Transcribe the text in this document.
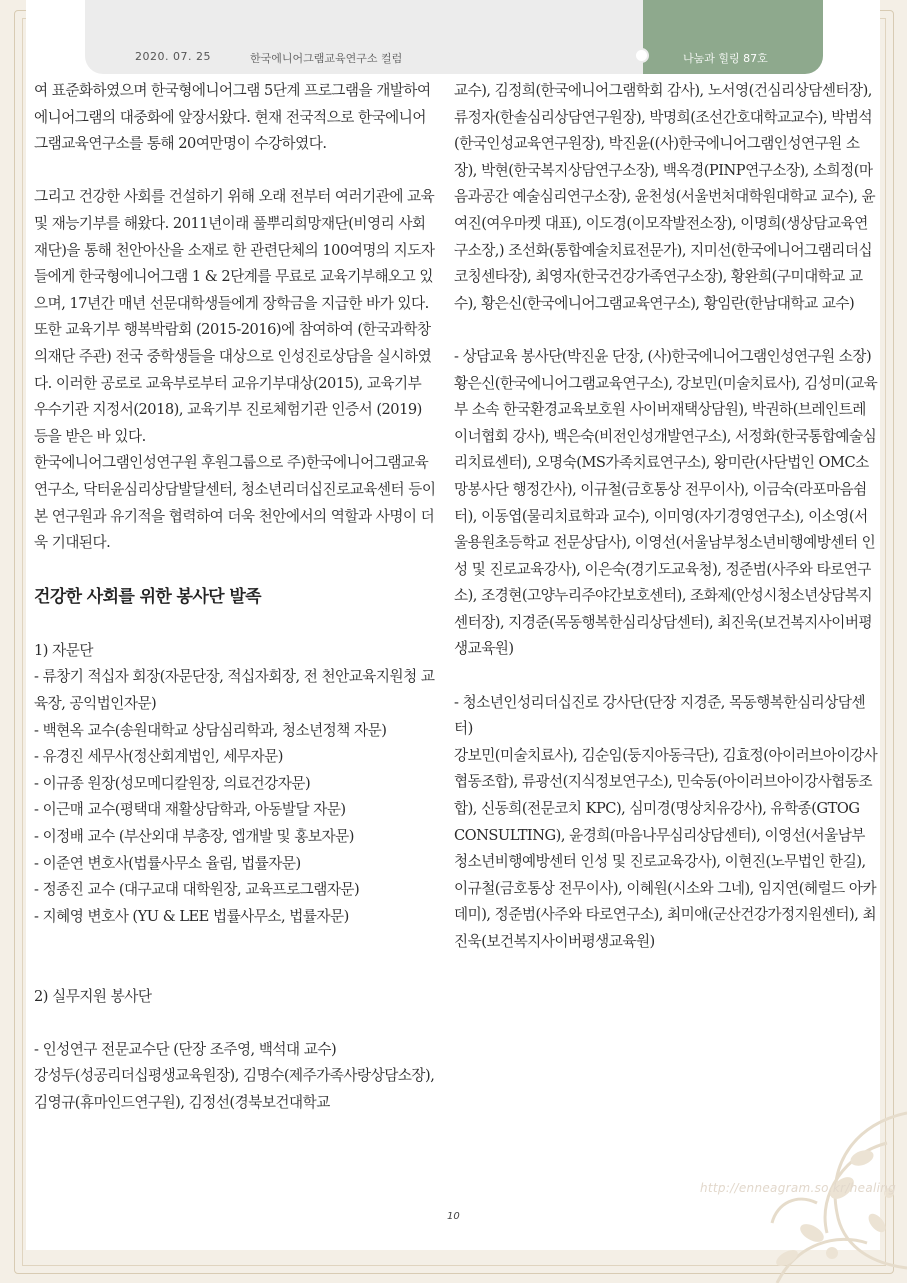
2020. 07. 25	한국에니어그램교육연구소 컬럼	나눔과 힐링 87호

여 표준화하였으며 한국형에니어그램 5단계 프로그램을 개발하여 에니어그램의 대중화에 앞장서왔다. 현재 전국적으로 한국에니어그램교육연구소를 통해 20여만명이 수강하였다.

그리고 건강한 사회를 건설하기 위해 오래 전부터 여러기관에 교육 및 재능기부를 해왔다. 2011년이래 풀뿌리희망재단(비영리 사회재단)을 통해 천안아산을 소재로 한 관련단체의 100여명의 지도자들에게 한국형에니어그램 1 & 2단계를 무료로 교육기부해오고 있으며, 17년간 매년 선문대학생들에게 장학금을 지급한 바가 있다. 또한 교육기부 행복박람회 (2015-2016)에 참여하여 (한국과학창의재단 주관) 전국 중학생들을 대상으로 인성진로상담을 실시하였다. 이러한 공로로 교육부로부터 교유기부대상(2015), 교육기부 우수기관 지정서(2018), 교육기부 진로체험기관 인증서 (2019) 등을 받은 바 있다.

한국에니어그램인성연구원 후원그룹으로 주)한국에니어그램교육연구소, 닥터윤심리상담발달센터, 청소년리더십진로교육센터 등이 본 연구원과 유기적을 협력하여 더욱 천안에서의 역할과 사명이 더욱 기대된다.

건강한 사회를 위한 봉사단 발족

1) 자문단

- 류창기 적십자 회장(자문단장, 적십자회장, 전 천안교육지원청 교육장, 공익법인자문)

- 백현옥 교수(송원대학교 상담심리학과, 청소년정책 자문)

- 유경진 세무사(정산회계법인, 세무자문)

- 이규종 원장(성모메디칼원장, 의료건강자문)

- 이근매 교수(평택대 재활상담학과, 아동발달 자문)

- 이정배 교수 (부산외대 부총장, 엡개발 및 홍보자문)

- 이준연 변호사(법률사무소 율림, 법률자문)

- 정종진 교수 (대구교대 대학원장, 교육프로그램자문)

- 지혜영 변호사 (YU & LEE 법률사무소, 법률자문)

2) 실무지원 봉사단

- 인성연구 전문교수단 (단장 조주영, 백석대 교수)

강성두(성공리더십평생교육원장), 김명수(제주가족사랑상담소장), 김영규(휴마인드연구원), 김정선(경북보건대학교

교수), 김정희(한국에니어그램학회 감사), 노서영(건심리상담센터장), 류정자(한솔심리상담연구원장), 박명희(조선간호대학교교수), 박범석(한국인성교육연구원장), 박진윤((사)한국에니어그램인성연구원 소장), 박현(한국복지상담연구소장), 백옥경(PINP연구소장), 소희정(마음과공간 예술심리연구소장), 윤천성(서울번처대학원대학교 교수), 윤여진(여우마켓 대표), 이도경(이모작발전소장), 이명희(생상담교육연구소장,) 조선화(통합예술치료전문가), 지미선(한국에니어그램리더십코칭센타장), 최영자(한국건강가족연구소장), 황완희(구미대학교 교수), 황은신(한국에니어그램교육연구소), 황임란(한남대학교 교수)

- 상담교육 봉사단(박진윤 단장, (사)한국에니어그램인성연구원 소장)

황은신(한국에니어그램교육연구소), 강보민(미술치료사), 김성미(교육부 소속 한국환경교육보호원 사이버재택상담원), 박권하(브레인트레이너협회 강사), 백은숙(비전인성개발연구소), 서정화(한국통합예술심리치료센터), 오명숙(MS가족치료연구소), 왕미란(사단법인 OMC소망봉사단 행정간사), 이규철(금호통상 전무이사), 이금숙(라포마음쉼터), 이동엽(물리치료학과 교수), 이미영(자기경영연구소), 이소영(서울용원초등학교 전문상담사), 이영선(서울남부청소년비행예방센터 인성 및 진로교육강사), 이은숙(경기도교육청), 정준범(사주와 타로연구소), 조경현(고양누리주야간보호센터), 조화제(안성시청소년상담복지센터장), 지경준(목동행복한심리상담센터), 최진욱(보건복지사이버평생교육원)

- 청소년인성리더십진로 강사단(단장 지경준, 목동행복한심리상담센터)

강보민(미술치료사), 김순임(둥지아동극단), 김효정(아이러브아이강사협동조합), 류광선(지식정보연구소), 민숙동(아이러브아이강사협동조합), 신동희(전문코치 KPC), 심미경(명상치유강사), 유학종(GTOG CONSULTING), 윤경희(마음나무심리상담센터), 이영선(서울남부청소년비행예방센터 인성 및 진로교육강사), 이현진(노무법인 한길), 이규철(금호통상 전무이사), 이혜원(시소와 그네), 임지연(헤럴드 아카데미), 정준범(사주와 타로연구소), 최미애(군산건강가정지원센터), 최진욱(보건복지사이버평생교육원)

http://enneagram.so.kr/healing
10
